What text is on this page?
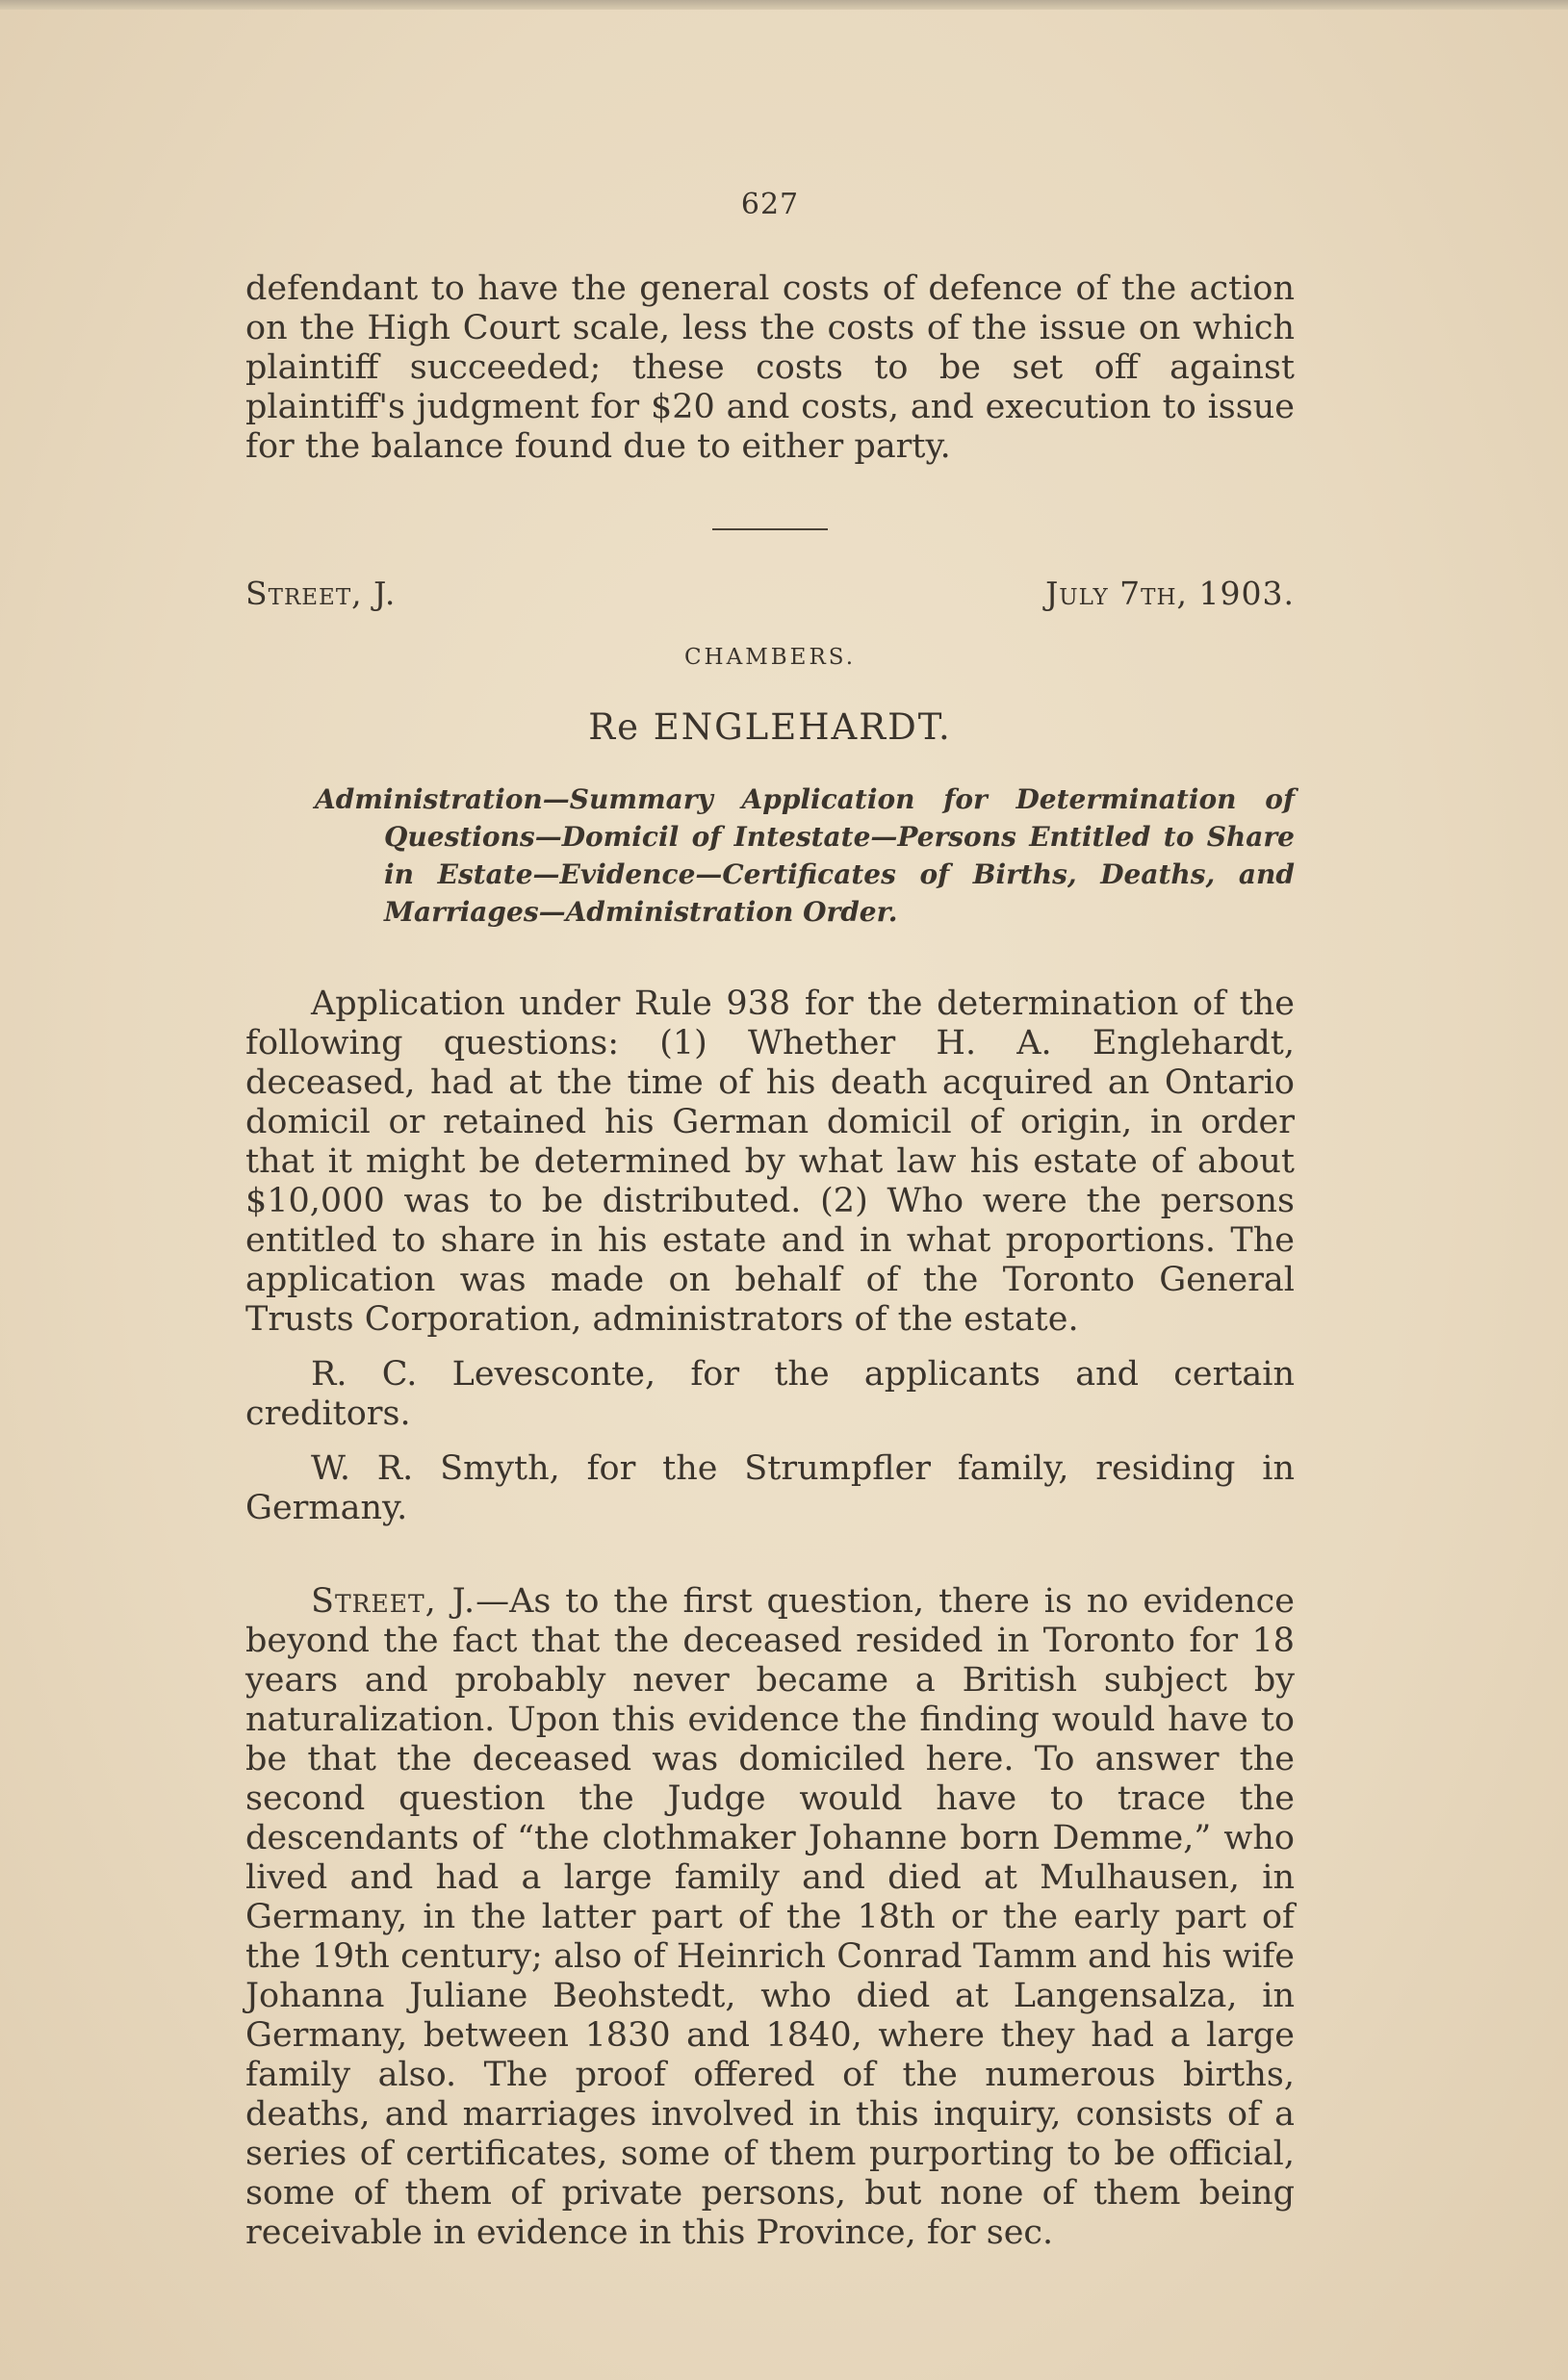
627

defendant to have the general costs of defence of the action on the High Court scale, less the costs of the issue on which plaintiff succeeded; these costs to be set off against plaintiff's judgment for $20 and costs, and execution to issue for the balance found due to either party.

Street, J.	July 7th, 1903.
CHAMBERS.
Re ENGLEHARDT.
Administration—Summary Application for Determination of Questions—Domicil of Intestate—Persons Entitled to Share in Estate—Evidence—Certificates of Births, Deaths, and Marriages—Administration Order.

Application under Rule 938 for the determination of the following questions: (1) Whether H. A. Englehardt, deceased, had at the time of his death acquired an Ontario domicil or retained his German domicil of origin, in order that it might be determined by what law his estate of about $10,000 was to be distributed. (2) Who were the persons entitled to share in his estate and in what proportions. The application was made on behalf of the Toronto General Trusts Corporation, administrators of the estate.

R. C. Levesconte, for the applicants and certain creditors.

W. R. Smyth, for the Strumpfler family, residing in Germany.

Street, J.—As to the first question, there is no evidence beyond the fact that the deceased resided in Toronto for 18 years and probably never became a British subject by naturalization. Upon this evidence the finding would have to be that the deceased was domiciled here. To answer the second question the Judge would have to trace the descendants of “the clothmaker Johanne born Demme,” who lived and had a large family and died at Mulhausen, in Germany, in the latter part of the 18th or the early part of the 19th century; also of Heinrich Conrad Tamm and his wife Johanna Juliane Beohstedt, who died at Langensalza, in Germany, between 1830 and 1840, where they had a large family also. The proof offered of the numerous births, deaths, and marriages involved in this inquiry, consists of a series of certificates, some of them purporting to be official, some of them of private persons, but none of them being receivable in evidence in this Province, for sec.
